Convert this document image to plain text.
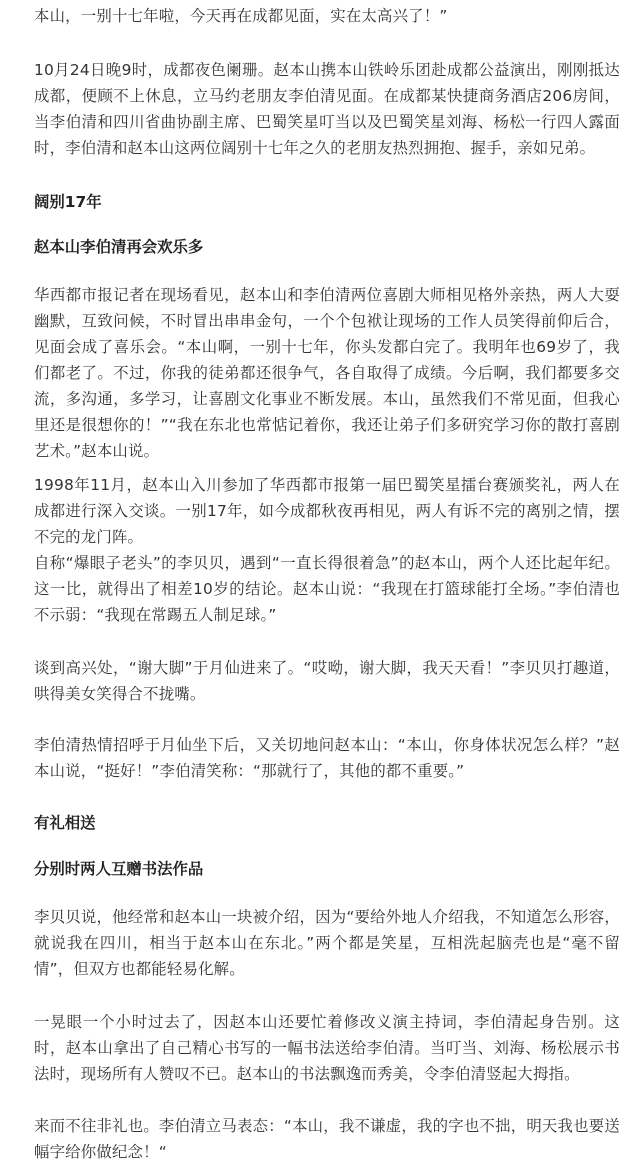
本山，一别十七年啦，今天再在成都见面，实在太高兴了！”

10月24日晚9时，成都夜色阑珊。赵本山携本山铁岭乐团赴成都公益演出，刚刚抵达成都，便顾不上休息，立马约老朋友李伯清见面。在成都某快捷商务酒店206房间，当李伯清和四川省曲协副主席、巴蜀笑星叮当以及巴蜀笑星刘海、杨松一行四人露面时，李伯清和赵本山这两位阔别十七年之久的老朋友热烈拥抱、握手，亲如兄弟。

阔别17年
赵本山李伯清再会欢乐多

华西都市报记者在现场看见，赵本山和李伯清两位喜剧大师相见格外亲热，两人大耍幽默，互致问候，不时冒出串串金句，一个个包袱让现场的工作人员笑得前仰后合，见面会成了喜乐会。“本山啊，一别十七年，你头发都白完了。我明年也69岁了，我们都老了。不过，你我的徒弟都还很争气，各自取得了成绩。今后啊，我们都要多交流，多沟通，多学习，让喜剧文化事业不断发展。本山，虽然我们不常见面，但我心里还是很想你的！”“我在东北也常惦记着你，我还让弟子们多研究学习你的散打喜剧艺术。”赵本山说。

1998年11月，赵本山入川参加了华西都市报第一届巴蜀笑星擂台赛颁奖礼，两人在成都进行深入交谈。一别17年，如今成都秋夜再相见，两人有诉不完的离别之情，摆不完的龙门阵。

自称“爆眼子老头”的李贝贝，遇到“一直长得很着急”的赵本山，两个人还比起年纪。这一比，就得出了相差10岁的结论。赵本山说：“我现在打篮球能打全场。”李伯清也不示弱：“我现在常踢五人制足球。”

谈到高兴处，“谢大脚”于月仙进来了。“哎呦，谢大脚，我天天看！”李贝贝打趣道，哄得美女笑得合不拢嘴。

李伯清热情招呼于月仙坐下后，又关切地问赵本山：“本山，你身体状况怎么样？”赵本山说，“挺好！”李伯清笑称：“那就行了，其他的都不重要。”

有礼相送
分别时两人互赠书法作品

李贝贝说，他经常和赵本山一块被介绍，因为“要给外地人介绍我，不知道怎么形容，就说我在四川，相当于赵本山在东北。”两个都是笑星，互相洗起脑壳也是“毫不留情”，但双方也都能轻易化解。

一晃眼一个小时过去了，因赵本山还要忙着修改义演主持词，李伯清起身告别。这时，赵本山拿出了自己精心书写的一幅书法送给李伯清。当叮当、刘海、杨松展示书法时，现场所有人赞叹不已。赵本山的书法飘逸而秀美，令李伯清竖起大拇指。

来而不往非礼也。李伯清立马表态：“本山，我不谦虚，我的字也不拙，明天我也要送幅字给你做纪念！“
